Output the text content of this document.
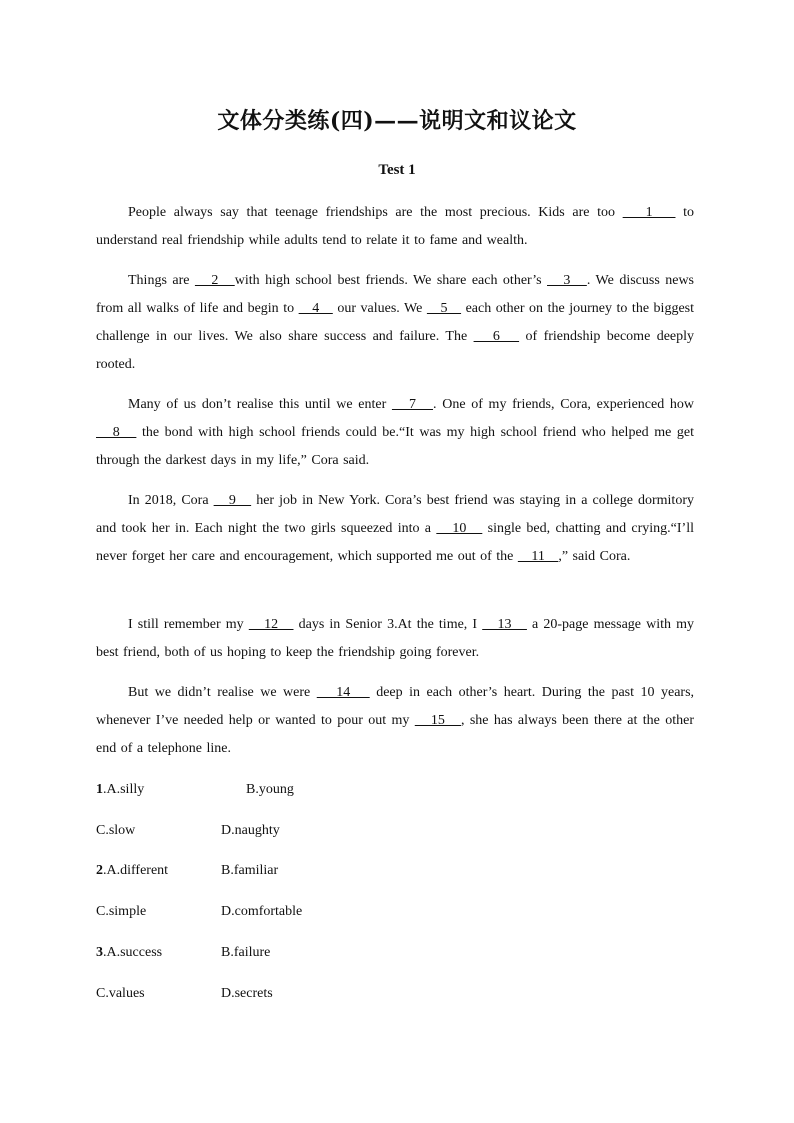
文体分类练(四)——说明文和议论文
Test 1
People always say that teenage friendships are the most precious. Kids are too    1    to understand real friendship while adults tend to relate it to fame and wealth.
Things are    2   with high school best friends. We share each other’s    3   . We discuss news from all walks of life and begin to    4    our values. We    5    each other on the journey to the biggest challenge in our lives. We also share success and failure. The    6    of friendship become deeply rooted.
Many of us don’t realise this until we enter    7   . One of my friends, Cora, experienced how    8    the bond with high school friends could be.“It was my high school friend who helped me get through the darkest days in my life,” Cora said.
In 2018, Cora    9    her job in New York. Cora’s best friend was staying in a college dormitory and took her in. Each night the two girls squeezed into a    10    single bed, chatting and crying.“I’ll never forget her care and encouragement, which supported me out of the    11   ,” said Cora.
I still remember my    12    days in Senior 3.At the time, I    13    a 20-page message with my best friend, both of us hoping to keep the friendship going forever.
But we didn’t realise we were    14    deep in each other’s heart. During the past 10 years, whenever I’ve needed help or wanted to pour out my    15   , she has always been there at the other end of a telephone line.
1.A.silly	B.young
C.slow	D.naughty
2.A.different	B.familiar
C.simple	D.comfortable
3.A.success	B.failure
C.values	D.secrets
